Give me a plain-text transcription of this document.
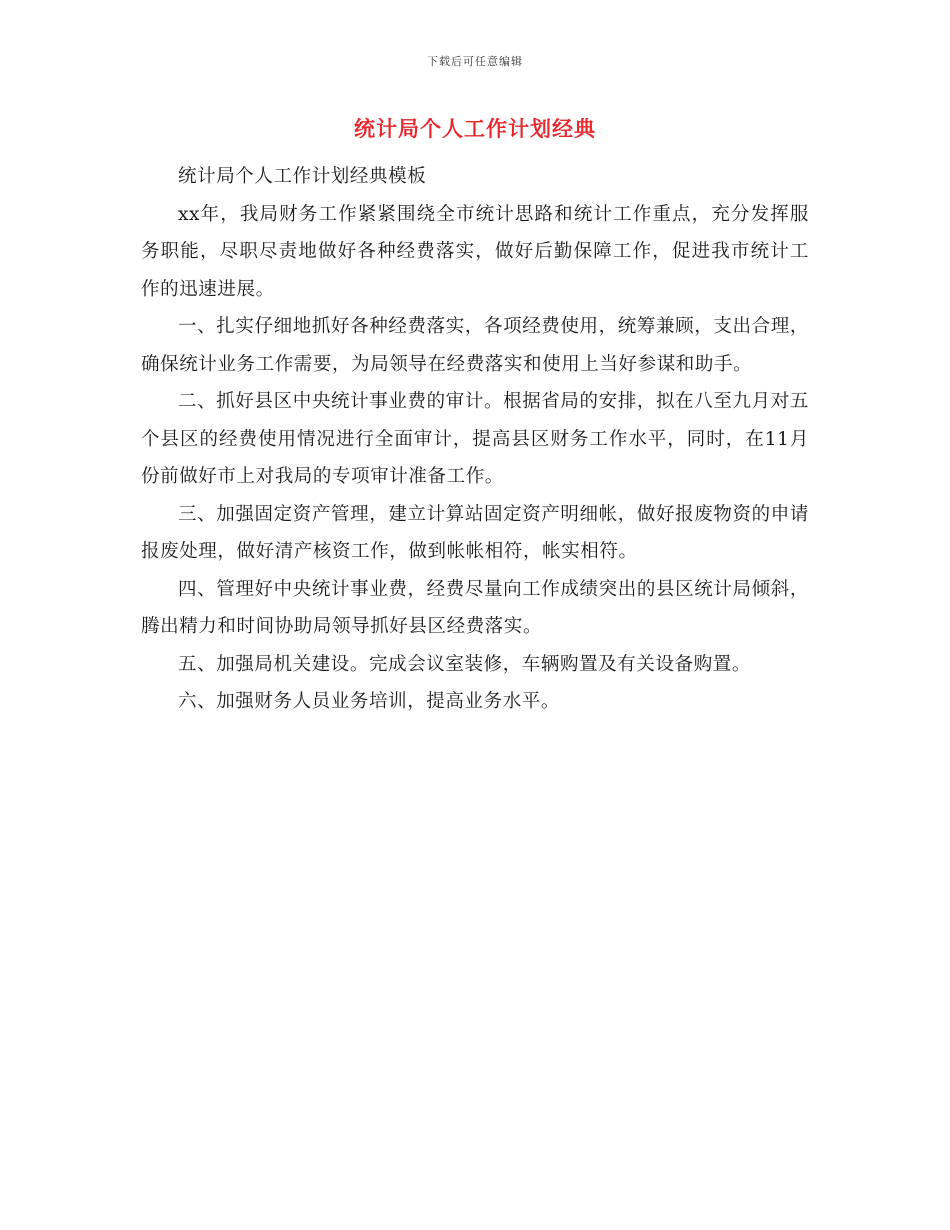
下载后可任意编辑
统计局个人工作计划经典

统计局个人工作计划经典模板

xx年，我局财务工作紧紧围绕全市统计思路和统计工作重点，充分发挥服务职能，尽职尽责地做好各种经费落实，做好后勤保障工作，促进我市统计工作的迅速进展。

一、扎实仔细地抓好各种经费落实，各项经费使用，统筹兼顾，支出合理，确保统计业务工作需要，为局领导在经费落实和使用上当好参谋和助手。

二、抓好县区中央统计事业费的审计。根据省局的安排，拟在八至九月对五个县区的经费使用情况进行全面审计，提高县区财务工作水平，同时，在11月份前做好市上对我局的专项审计准备工作。

三、加强固定资产管理，建立计算站固定资产明细帐，做好报废物资的申请报废处理，做好清产核资工作，做到帐帐相符，帐实相符。

四、管理好中央统计事业费，经费尽量向工作成绩突出的县区统计局倾斜，腾出精力和时间协助局领导抓好县区经费落实。

五、加强局机关建设。完成会议室装修，车辆购置及有关设备购置。

六、加强财务人员业务培训，提高业务水平。
